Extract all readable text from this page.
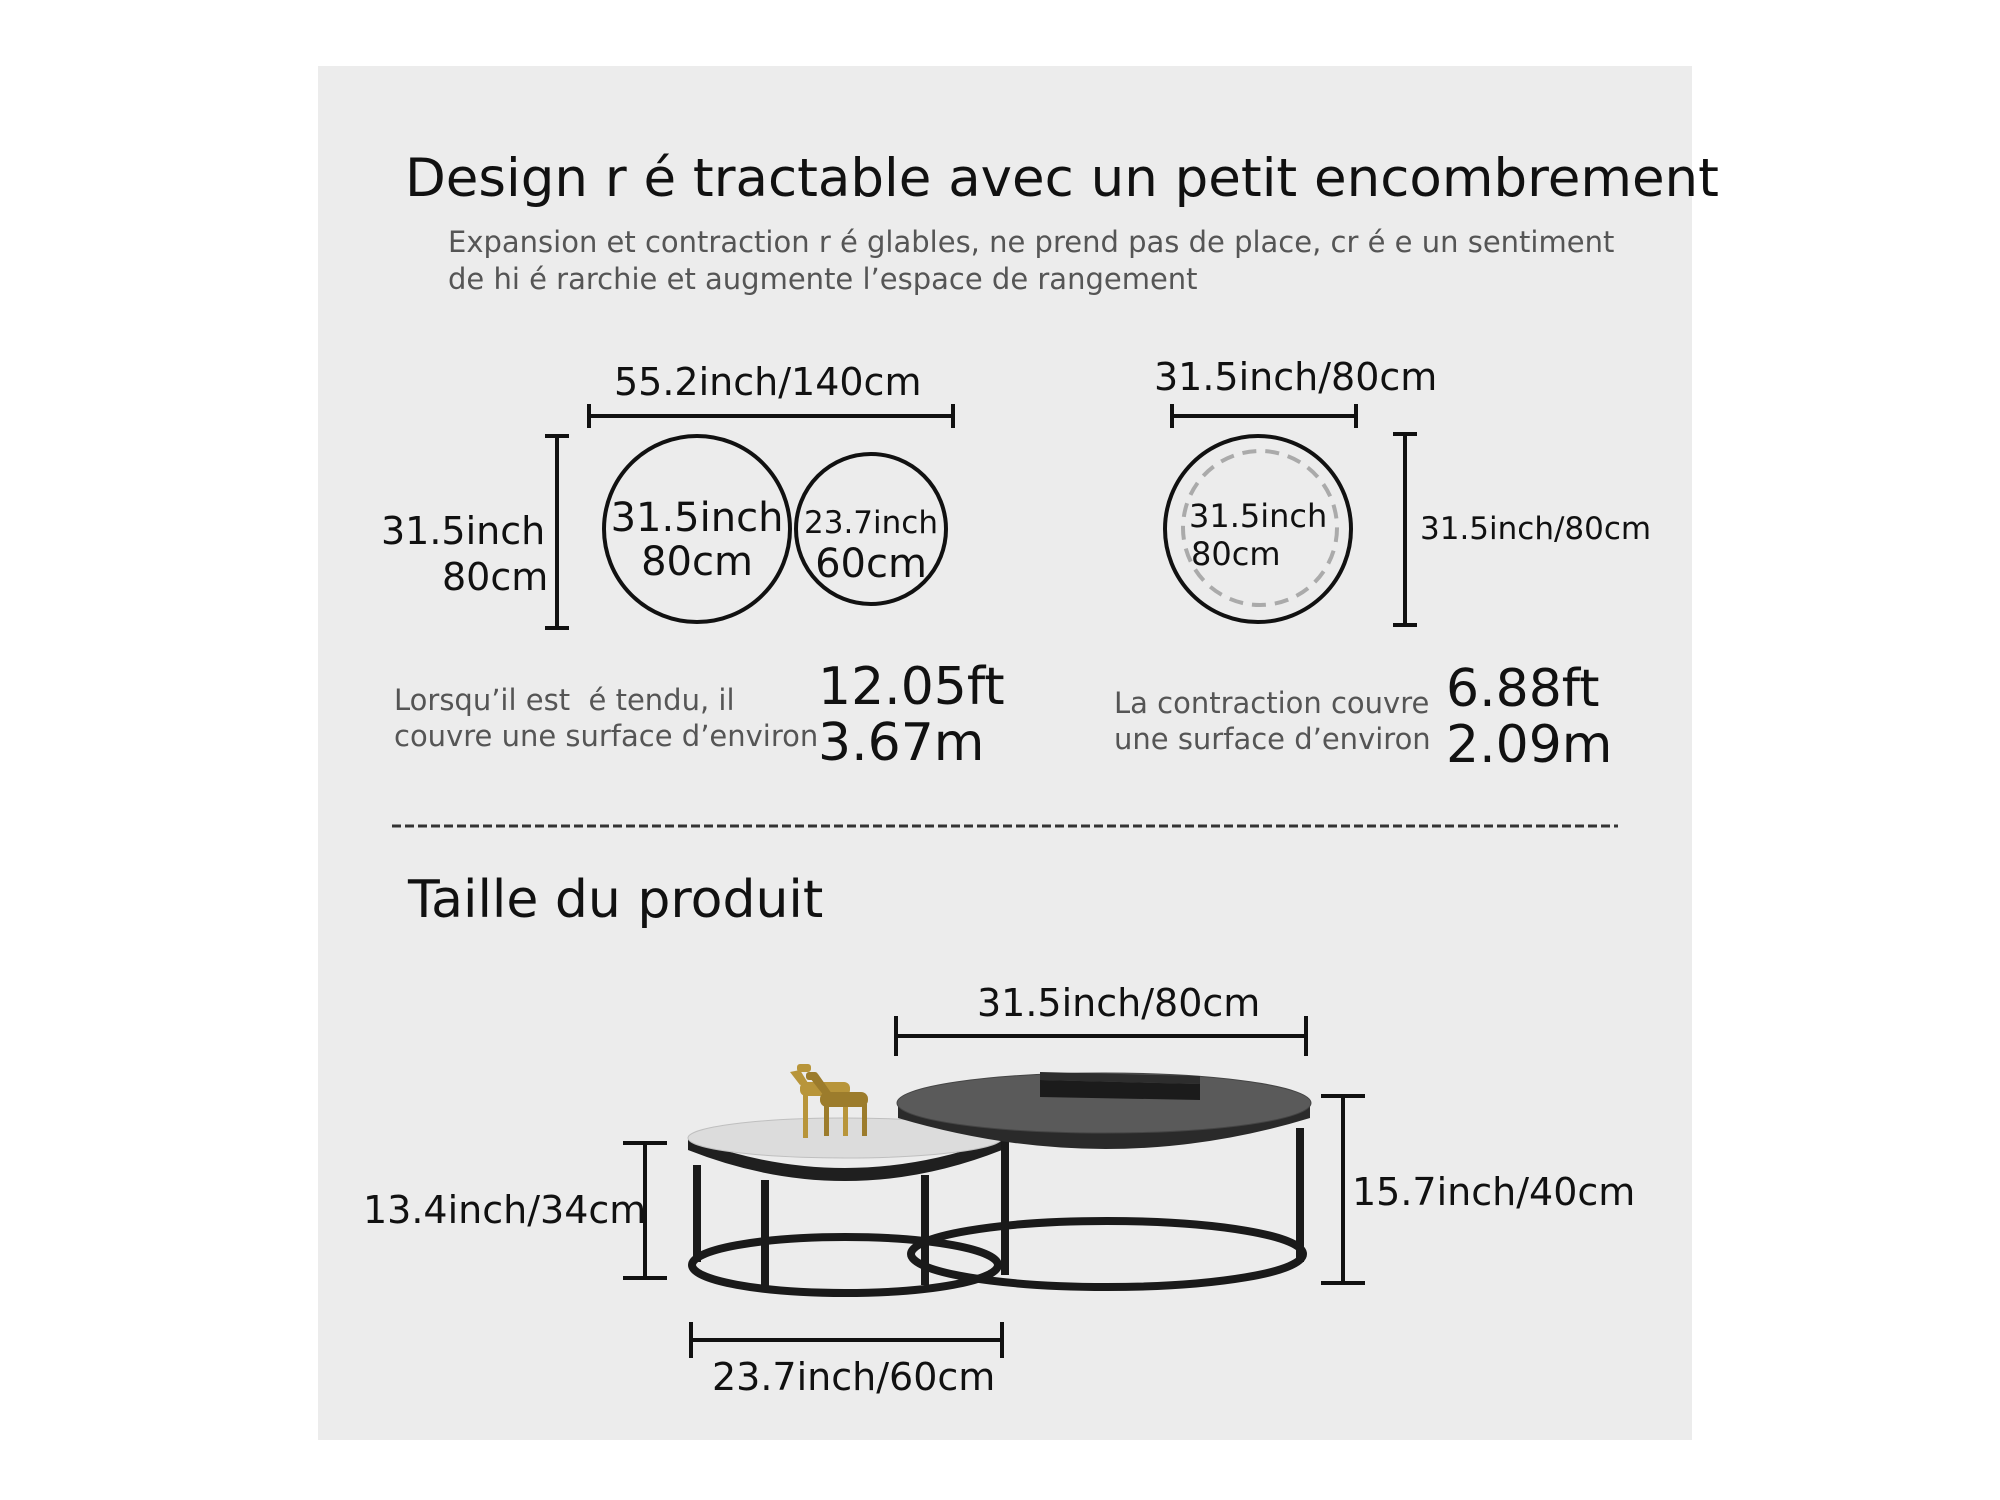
Design r é tractable avec un petit encombrement
Expansion et contraction r é glables, ne prend pas de place, cr é e un sentiment
de hi é rarchie et augmente l’espace de rangement
55.2inch/140cm
31.5inch
80cm
31.5inch
80cm
23.7inch
60cm
Lorsqu’il est  é tendu, il
couvre une surface d’environ
12.05ft
3.67m
31.5inch/80cm
31.5inch/80cm
31.5inch
80cm
La contraction couvre
une surface d’environ
6.88ft
2.09m
Taille du produit
31.5inch/80cm
15.7inch/40cm
13.4inch/34cm
23.7inch/60cm
